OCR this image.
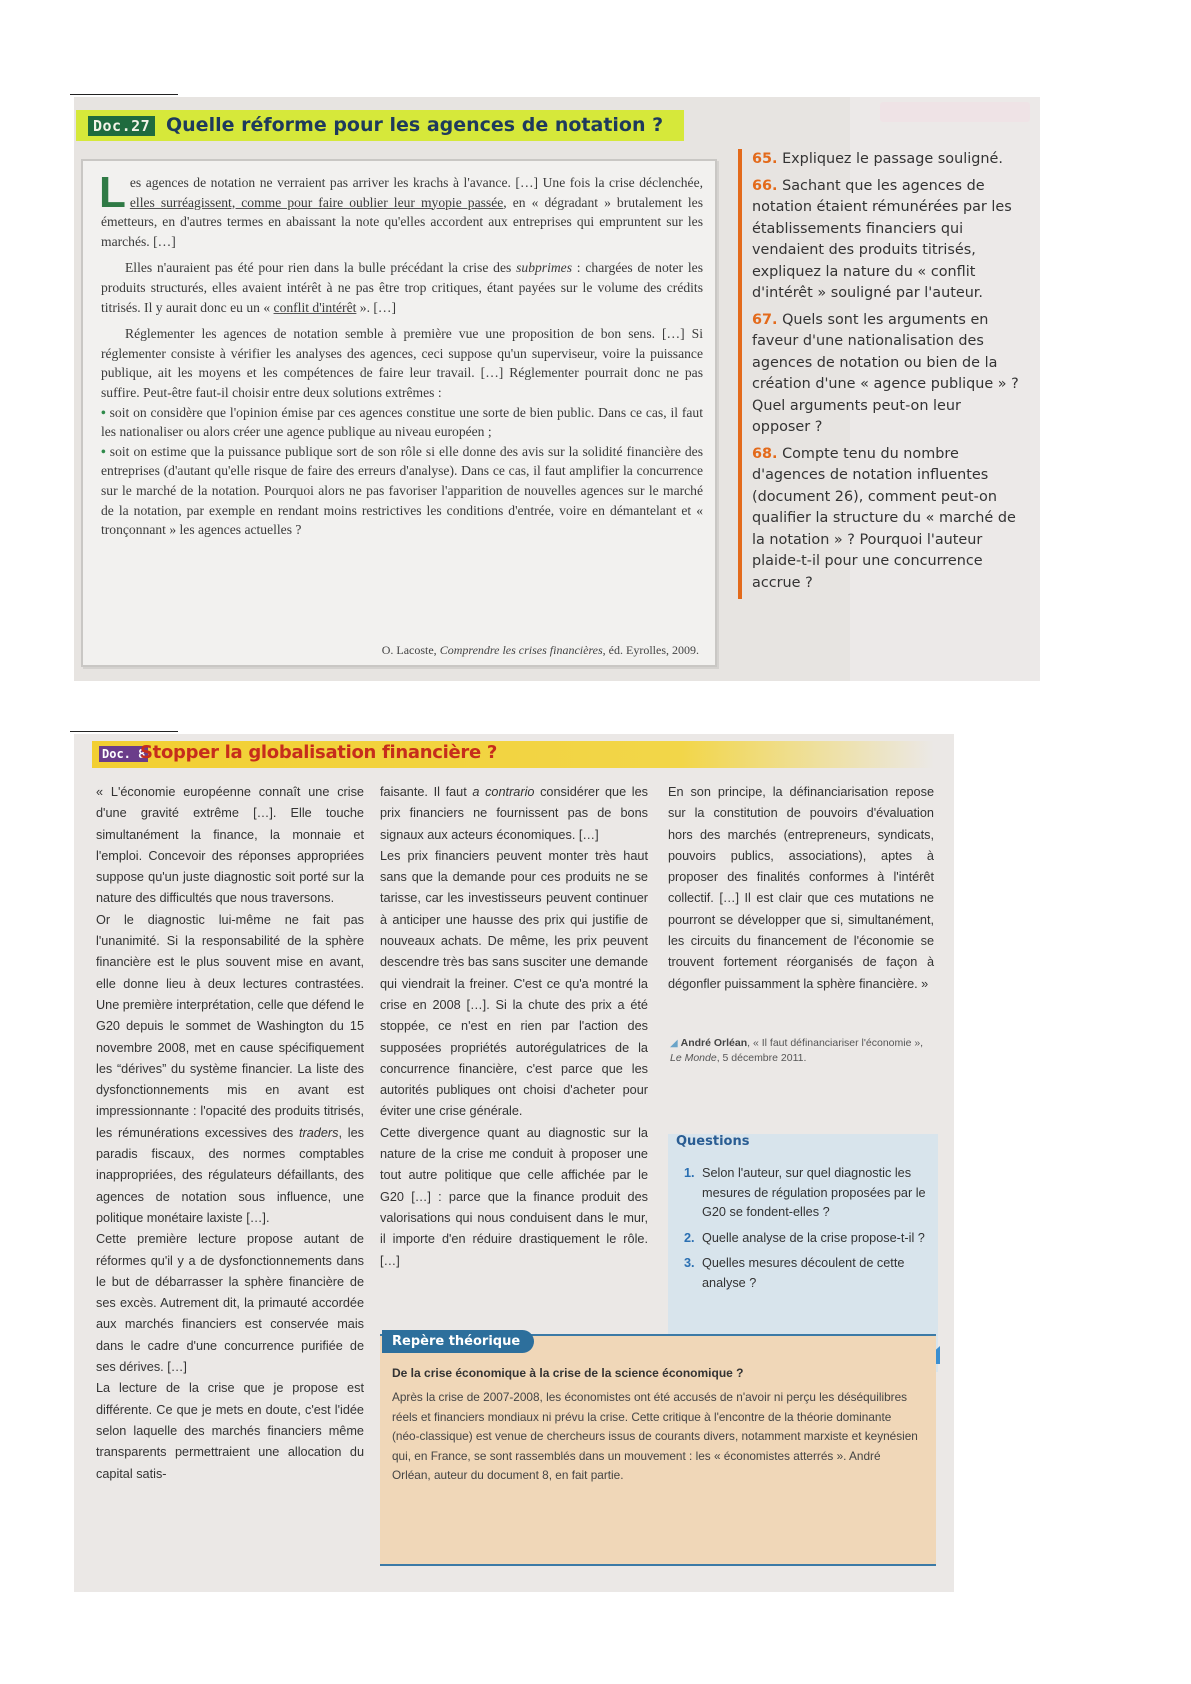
Doc.27 Quelle réforme pour les agences de notation ?

Les agences de notation ne verraient pas arriver les krachs à l'avance. […] Une fois la crise déclenchée, elles surréagissent, comme pour faire oublier leur myopie passée, en « dégradant » brutalement les émetteurs, en d'autres termes en abaissant la note qu'elles accordent aux entreprises qui empruntent sur les marchés. […]

Elles n'auraient pas été pour rien dans la bulle précédant la crise des subprimes : chargées de noter les produits structurés, elles avaient intérêt à ne pas être trop critiques, étant payées sur le volume des crédits titrisés. Il y aurait donc eu un « conflit d'intérêt ». […]

Réglementer les agences de notation semble à première vue une proposition de bon sens. […] Si réglementer consiste à vérifier les analyses des agences, ceci suppose qu'un superviseur, voire la puissance publique, ait les moyens et les compétences de faire leur travail. […] Réglementer pourrait donc ne pas suffire. Peut-être faut-il choisir entre deux solutions extrêmes :

• soit on considère que l'opinion émise par ces agences constitue une sorte de bien public. Dans ce cas, il faut les nationaliser ou alors créer une agence publique au niveau européen ;

• soit on estime que la puissance publique sort de son rôle si elle donne des avis sur la solidité financière des entreprises (d'autant qu'elle risque de faire des erreurs d'analyse). Dans ce cas, il faut amplifier la concurrence sur le marché de la notation. Pourquoi alors ne pas favoriser l'apparition de nouvelles agences sur le marché de la notation, par exemple en rendant moins restrictives les conditions d'entrée, voire en démantelant et « tronçonnant » les agences actuelles ?

O. Lacoste, Comprendre les crises financières, éd. Eyrolles, 2009.

65. Expliquez le passage souligné.

66. Sachant que les agences de notation étaient rémunérées par les établissements financiers qui vendaient des produits titrisés, expliquez la nature du « conflit d'intérêt » souligné par l'auteur.

67. Quels sont les arguments en faveur d'une nationalisation des agences de notation ou bien de la création d'une « agence publique » ? Quel arguments peut-on leur opposer ?

68. Compte tenu du nombre d'agences de notation influentes (document 26), comment peut-on qualifier la structure du « marché de la notation » ? Pourquoi l'auteur plaide-t-il pour une concurrence accrue ?

Doc. 8
Stopper la globalisation financière ?

« L'économie européenne connaît une crise d'une gravité extrême […]. Elle touche simultanément la finance, la monnaie et l'emploi. Concevoir des réponses appropriées suppose qu'un juste diagnostic soit porté sur la nature des difficultés que nous traversons.

Or le diagnostic lui-même ne fait pas l'unanimité. Si la responsabilité de la sphère financière est le plus souvent mise en avant, elle donne lieu à deux lectures contrastées. Une première interprétation, celle que défend le G20 depuis le sommet de Washington du 15 novembre 2008, met en cause spécifiquement les “dérives” du système financier. La liste des dysfonctionnements mis en avant est impressionnante : l'opacité des produits titrisés, les rémunérations excessives des traders, les paradis fiscaux, des normes comptables inappropriées, des régulateurs défaillants, des agences de notation sous influence, une politique monétaire laxiste […].

Cette première lecture propose autant de réformes qu'il y a de dysfonctionnements dans le but de débarrasser la sphère financière de ses excès. Autrement dit, la primauté accordée aux marchés financiers est conservée mais dans le cadre d'une concurrence purifiée de ses dérives. […]

La lecture de la crise que je propose est différente. Ce que je mets en doute, c'est l'idée selon laquelle des marchés financiers même transparents permettraient une allocation du capital satis-

faisante. Il faut a contrario considérer que les prix financiers ne fournissent pas de bons signaux aux acteurs économiques. […]

Les prix financiers peuvent monter très haut sans que la demande pour ces produits ne se tarisse, car les investisseurs peuvent continuer à anticiper une hausse des prix qui justifie de nouveaux achats. De même, les prix peuvent descendre très bas sans susciter une demande qui viendrait la freiner. C'est ce qu'a montré la crise en 2008 […]. Si la chute des prix a été stoppée, ce n'est en rien par l'action des supposées propriétés autorégulatrices de la concurrence financière, c'est parce que les autorités publiques ont choisi d'acheter pour éviter une crise générale.

Cette divergence quant au diagnostic sur la nature de la crise me conduit à proposer une tout autre politique que celle affichée par le G20 […] : parce que la finance produit des valorisations qui nous conduisent dans le mur, il importe d'en réduire drastiquement le rôle. […]

En son principe, la définanciarisation repose sur la constitution de pouvoirs d'évaluation hors des marchés (entrepreneurs, syndicats, pouvoirs publics, associations), aptes à proposer des finalités conformes à l'intérêt collectif. […] Il est clair que ces mutations ne pourront se développer que si, simultanément, les circuits du financement de l'économie se trouvent fortement réorganisés de façon à dégonfler puissamment la sphère financière. »

◢ André Orléan, « Il faut définanciariser l'économie », Le Monde, 5 décembre 2011.
Questions

1. Selon l'auteur, sur quel diagnostic les mesures de régulation proposées par le G20 se fondent-elles ?

2. Quelle analyse de la crise propose-t-il ?

3. Quelles mesures découlent de cette analyse ?

Repère théorique
De la crise économique à la crise de la science économique ?
Après la crise de 2007-2008, les économistes ont été accusés de n'avoir ni perçu les déséquilibres réels et financiers mondiaux ni prévu la crise. Cette critique à l'encontre de la théorie dominante (néo-classique) est venue de chercheurs issus de courants divers, notamment marxiste et keynésien qui, en France, se sont rassemblés dans un mouvement : les « économistes atterrés ». André Orléan, auteur du document 8, en fait partie.
